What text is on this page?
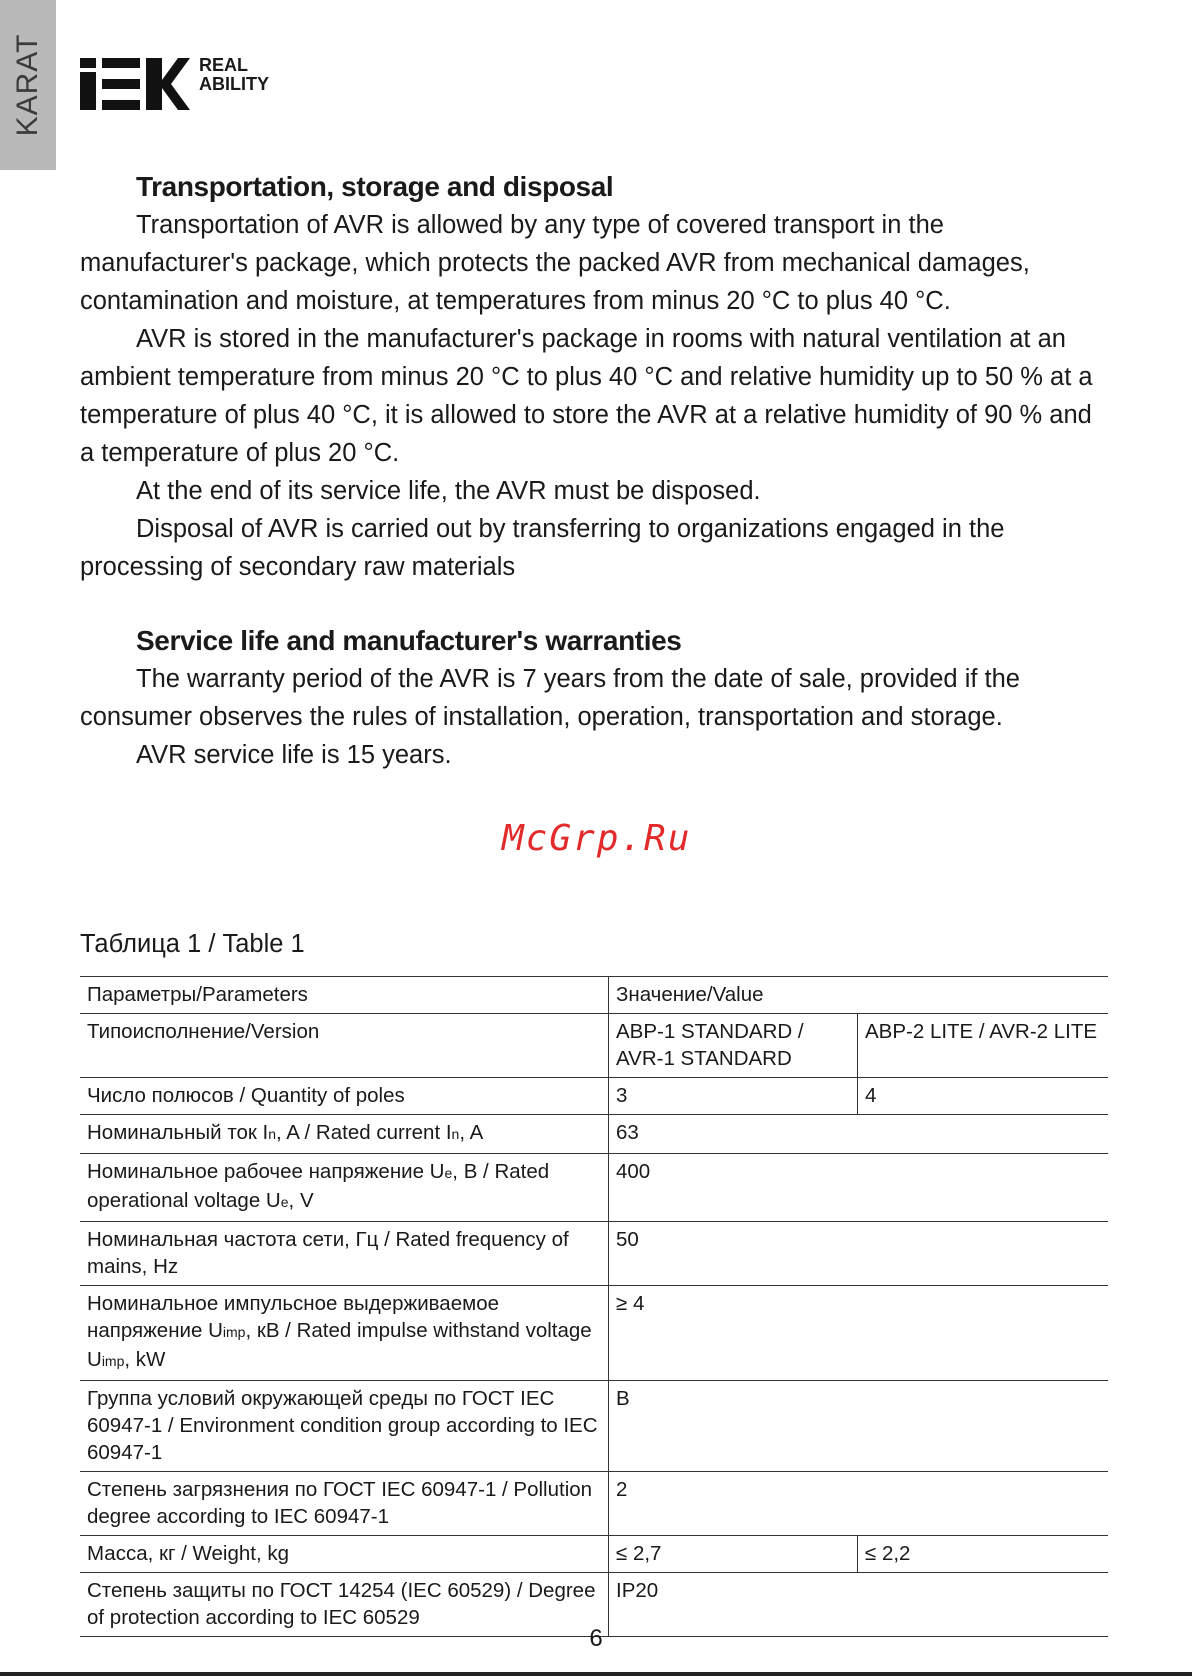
KARAT	REAL
ABILITY
Transportation, storage and disposal

Transportation of AVR is allowed by any type of covered transport in the manufacturer's package, which protects the packed AVR from mechanical damages, contamination and moisture, at temperatures from minus 20 °C to plus 40 °C.

AVR is stored in the manufacturer's package in rooms with natural ventilation at an ambient temperature from minus 20 °C to plus 40 °C and relative humidity up to 50 % at a temperature of plus 40 °C, it is allowed to store the AVR at a relative humidity of 90 % and a temperature of plus 20 °C.

At the end of its service life, the AVR must be disposed.

Disposal of AVR is carried out by transferring to organizations engaged in the processing of secondary raw materials

Service life and manufacturer's warranties

The warranty period of the AVR is 7 years from the date of sale, provided if the consumer observes the rules of installation, operation, transportation and storage.

AVR service life is 15 years.

McGrp.Ru
Таблица 1 / Table 1
Параметры/Parameters	Значение/Value	
Типоисполнение/Version	АВР-1 STANDARD / AVR-1 STANDARD	АВР-2 LITE / AVR-2 LITE
Число полюсов / Quantity of poles	3	4
Номинальный ток In, A / Rated current In, A	63	
Номинальное рабочее напряжение Ue, В / Rated operational voltage Ue, V	400	
Номинальная частота сети, Гц / Rated frequency of mains, Hz	50	
Номинальное импульсное выдерживаемое напряжение Uimp, кВ / Rated impulse withstand voltage Uimp, kW	≥ 4	
Группа условий окружающей среды по ГОСТ IEC 60947-1 / Environment condition group according to IEC 60947-1	B	
Степень загрязнения по ГОСТ IEC 60947-1 / Pollution degree according to IEC 60947-1	2	
Масса, кг / Weight, kg	≤ 2,7	≤ 2,2
Степень защиты по ГОСТ 14254 (IEC 60529) / Degree of protection according to IEC 60529	IP20	
6
